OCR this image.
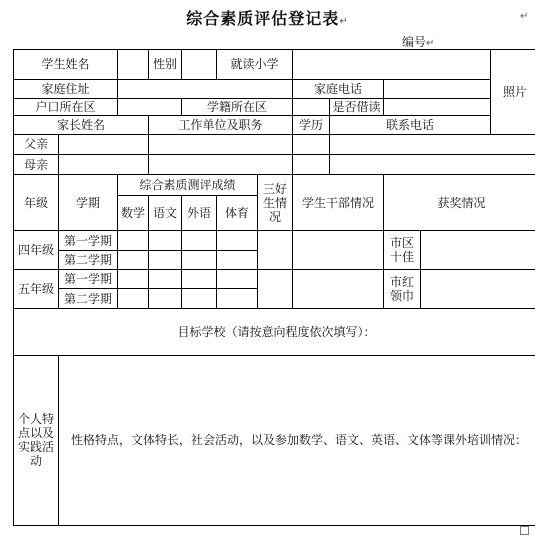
综合素质评估登记表↵
编号↵
↵
学生姓名			性别		就读小学						照片
家庭住址							家庭电话				
户口所在区				学籍所在区				是否借读			
家长姓名			工作单位及职务				学历	联系电话			
父亲											
母亲											
年级	学期	综合素质测评成绩				三好生情况	学生干部情况		获奖情况		
		数学	语文	外语	体育						
四年级	第一学期								市区十佳		
	第二学期										
五年级	第一学期								市红领巾		
	第二学期										
目标学校（请按意向程度依次填写）：											
个人特点以及实践活动	性格特点，文体特长，社会活动，以及参加数学、语文、英语、文体等课外培训情况：										
